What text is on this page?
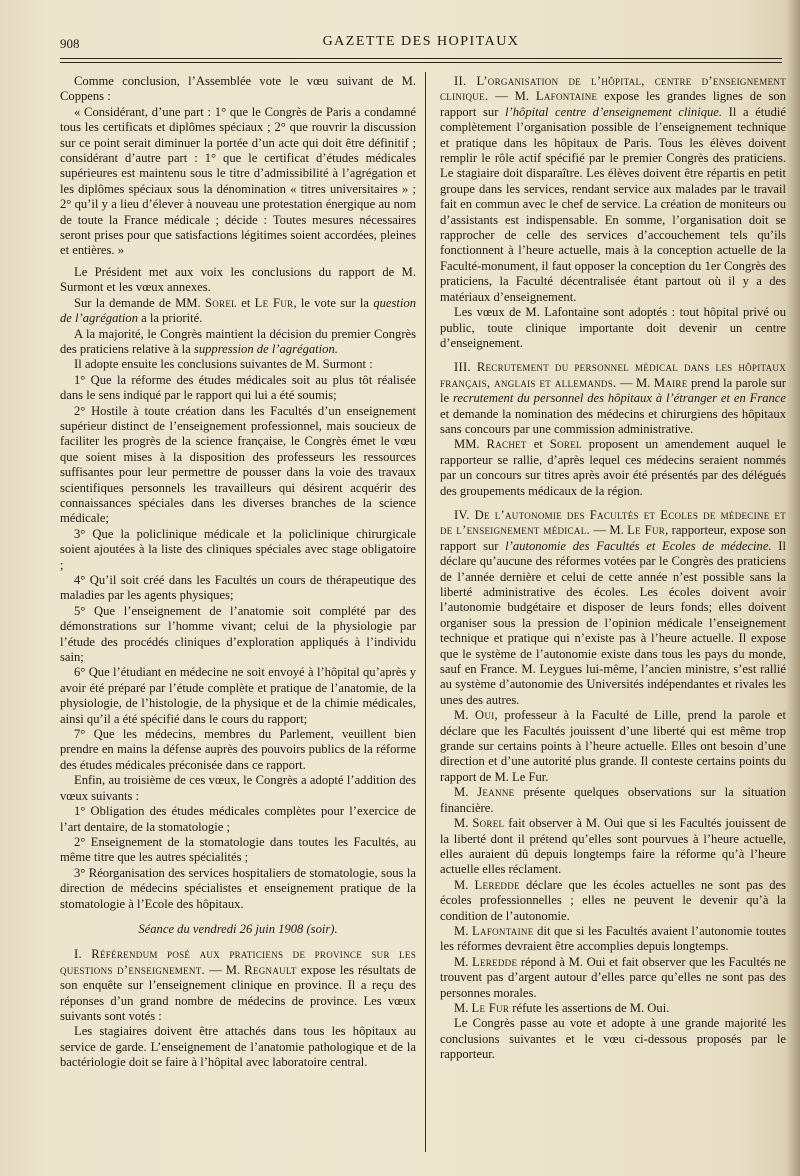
908	GAZETTE DES HOPITAUX

Comme conclusion, l’Assemblée vote le vœu suivant de M. Coppens :

« Considérant, d’une part : 1° que le Congrès de Paris a condamné tous les certificats et diplômes spéciaux ; 2° que rouvrir la discussion sur ce point serait diminuer la portée d’un acte qui doit être définitif ; considérant d’autre part : 1° que le certificat d’études médicales supérieures est maintenu sous le titre d’admissibilité à l’agrégation et les diplômes spéciaux sous la dénomination « titres universitaires » ; 2° qu’il y a lieu d’élever à nouveau une protestation énergique au nom de toute la France médicale ; décide : Toutes mesures nécessaires seront prises pour que satisfactions légitimes soient accordées, pleines et entières. »

Le Président met aux voix les conclusions du rapport de M. Surmont et les vœux annexes.

Sur la demande de MM. Sorel et Le Fur, le vote sur la question de l’agrégation a la priorité.

A la majorité, le Congrès maintient la décision du premier Congrès des praticiens relative à la suppression de l’agrégation.

Il adopte ensuite les conclusions suivantes de M. Surmont :

1° Que la réforme des études médicales soit au plus tôt réalisée dans le sens indiqué par le rapport qui lui a été soumis;

2° Hostile à toute création dans les Facultés d’un enseignement supérieur distinct de l’enseignement professionnel, mais soucieux de faciliter les progrès de la science française, le Congrès émet le vœu que soient mises à la disposition des professeurs les ressources suffisantes pour leur permettre de pousser dans la voie des travaux scientifiques personnels les travailleurs qui désirent acquérir des connaissances spéciales dans les diverses branches de la science médicale;

3° Que la policlinique médicale et la policlinique chirurgicale soient ajoutées à la liste des cliniques spéciales avec stage obligatoire ;

4° Qu’il soit créé dans les Facultés un cours de thérapeutique des maladies par les agents physiques;

5° Que l’enseignement de l’anatomie soit complété par des démonstrations sur l’homme vivant; celui de la physiologie par l’étude des procédés cliniques d’exploration appliqués à l’individu sain;

6° Que l’étudiant en médecine ne soit envoyé à l’hôpital qu’après y avoir été préparé par l’étude complète et pratique de l’anatomie, de la physiologie, de l’histologie, de la physique et de la chimie médicales, ainsi qu’il a été spécifié dans le cours du rapport;

7° Que les médecins, membres du Parlement, veuillent bien prendre en mains la défense auprès des pouvoirs publics de la réforme des études médicales préconisée dans ce rapport.

Enfin, au troisième de ces vœux, le Congrès a adopté l’addition des vœux suivants :

1° Obligation des études médicales complètes pour l’exercice de l’art dentaire, de la stomatologie ;

2° Enseignement de la stomatologie dans toutes les Facultés, au même titre que les autres spécialités ;

3° Réorganisation des services hospitaliers de stomatologie, sous la direction de médecins spécialistes et enseignement pratique de la stomatologie à l’Ecole des hôpitaux.

Séance du vendredi 26 juin 1908 (soir).

I. Référendum posé aux praticiens de province sur les questions d’enseignement. — M. Regnault expose les résultats de son enquête sur l’enseignement clinique en province. Il a reçu des réponses d’un grand nombre de médecins de province. Les vœux suivants sont votés :

Les stagiaires doivent être attachés dans tous les hôpitaux au service de garde. L’enseignement de l’anatomie pathologique et de la bactériologie doit se faire à l’hôpital avec laboratoire central.

II. L’organisation de l’hôpital, centre d’enseignement clinique. — M. Lafontaine expose les grandes lignes de son rapport sur l’hôpital centre d’enseignement clinique. Il a étudié complètement l’organisation possible de l’enseignement technique et pratique dans les hôpitaux de Paris. Tous les élèves doivent remplir le rôle actif spécifié par le premier Congrès des praticiens. Le stagiaire doit disparaître. Les élèves doivent être répartis en petit groupe dans les services, rendant service aux malades par le travail fait en commun avec le chef de service. La création de moniteurs ou d’assistants est indispensable. En somme, l’organisation doit se rapprocher de celle des services d’accouchement tels qu’ils fonctionnent à l’heure actuelle, mais à la conception actuelle de la Faculté-monument, il faut opposer la conception du 1er Congrès des praticiens, la Faculté décentralisée étant partout où il y a des matériaux d’enseignement.

Les vœux de M. Lafontaine sont adoptés : tout hôpital privé ou public, toute clinique importante doit devenir un centre d’enseignement.

III. Recrutement du personnel médical dans les hôpitaux français, anglais et allemands. — M. Maire prend la parole sur le recrutement du personnel des hôpitaux à l’étranger et en France et demande la nomination des médecins et chirurgiens des hôpitaux sans concours par une commission administrative.

MM. Rachet et Sorel proposent un amendement auquel le rapporteur se rallie, d’après lequel ces médecins seraient nommés par un concours sur titres après avoir été présentés par des délégués des groupements médicaux de la région.

IV. De l’autonomie des Facultés et Ecoles de médecine et de l’enseignement médical. — M. Le Fur, rapporteur, expose son rapport sur l’autonomie des Facultés et Ecoles de médecine. Il déclare qu’aucune des réformes votées par le Congrès des praticiens de l’année dernière et celui de cette année n’est possible sans la liberté administrative des écoles. Les écoles doivent avoir l’autonomie budgétaire et disposer de leurs fonds; elles doivent organiser sous la pression de l’opinion médicale l’enseignement technique et pratique qui n’existe pas à l’heure actuelle. Il expose que le système de l’autonomie existe dans tous les pays du monde, sauf en France. M. Leygues lui-même, l’ancien ministre, s’est rallié au système d’autonomie des Universités indépendantes et rivales les unes des autres.

M. Oui, professeur à la Faculté de Lille, prend la parole et déclare que les Facultés jouissent d’une liberté qui est même trop grande sur certains points à l’heure actuelle. Elles ont besoin d’une direction et d’une autorité plus grande. Il conteste certains points du rapport de M. Le Fur.

M. Jeanne présente quelques observations sur la situation financière.

M. Sorel fait observer à M. Oui que si les Facultés jouissent de la liberté dont il prétend qu’elles sont pourvues à l’heure actuelle, elles auraient dû depuis longtemps faire la réforme qu’à l’heure actuelle elles réclament.

M. Leredde déclare que les écoles actuelles ne sont pas des écoles professionnelles ; elles ne peuvent le devenir qu’à la condition de l’autonomie.

M. Lafontaine dit que si les Facultés avaient l’autonomie toutes les réformes devraient être accomplies depuis longtemps.

M. Leredde répond à M. Oui et fait observer que les Facultés ne trouvent pas d’argent autour d’elles parce qu’elles ne sont pas des personnes morales.

M. Le Fur réfute les assertions de M. Oui.

Le Congrès passe au vote et adopte à une grande majorité les conclusions suivantes et le vœu ci-dessous proposés par le rapporteur.
